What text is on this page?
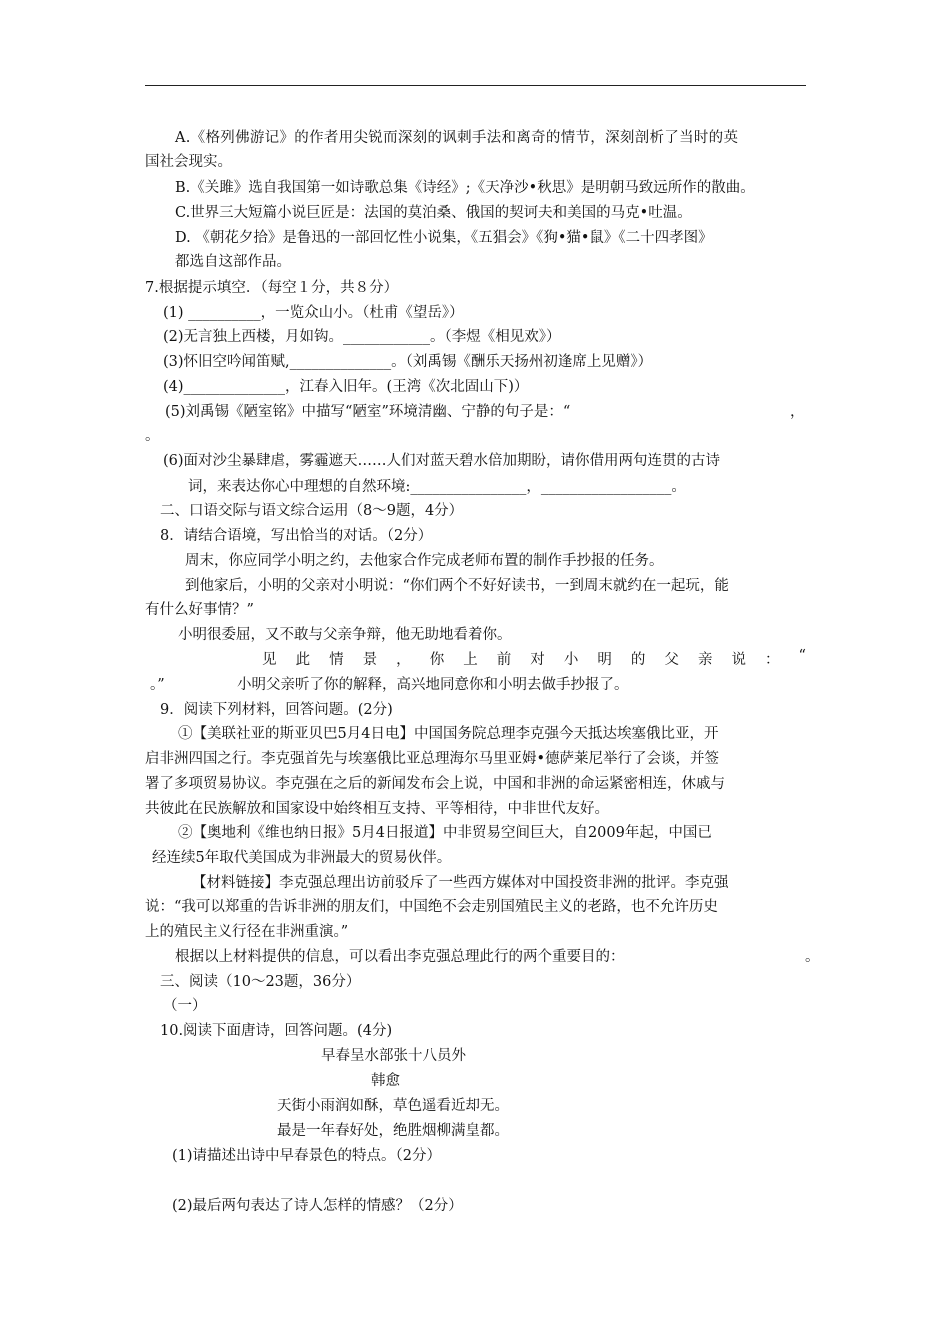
A.《格列佛游记》的作者用尖锐而深刻的讽刺手法和离奇的情节，深刻剖析了当时的英
国社会现实。
B.《关雎》选自我国第一如诗歌总集《诗经》;《天净沙•秋思》是明朝马致远所作的散曲。
C.世界三大短篇小说巨匠是：法国的莫泊桑、俄国的契诃夫和美国的马克•吐温。
D. 《朝花夕拾》是鲁迅的一部回忆性小说集，《五猖会》《狗•猫•鼠》《二十四孝图》
都选自这部作品。
7.根据提示填空．（每空１分，共８分）
(1) __________，一览众山小。（杜甫《望岳》）
(2)无言独上西楼，月如钩。____________。（李煜《相见欢》）
(3)怀旧空吟闻笛赋,______________。（刘禹锡《酬乐天扬州初逢席上见赠》）
(4)______________，江春入旧年。(王湾《次北固山下)）
(5)刘禹锡《陋室铭》中描写“陋室”环境清幽、宁静的句子是：“	，
。
(6)面对沙尘暴肆虐，雾霾遮天……人们对蓝天碧水倍加期盼，请你借用两句连贯的古诗
词，来表达你心中理想的自然环境:________________，__________________。
二、口语交际与语文综合运用（8～9题，4分）
8．请结合语境，写出恰当的对话。（2分）
周末，你应同学小明之约，去他家合作完成老师布置的制作手抄报的任务。
到他家后，小明的父亲对小明说：“你们两个不好好读书，一到周末就约在一起玩，能
有什么好事情？”
小明很委屈，又不敢与父亲争辩，他无助地看着你。
见 此 情 景 ， 你 上 前 对 小 明 的 父 亲 说 ： “
。”	小明父亲听了你的解释，高兴地同意你和小明去做手抄报了。
9．阅读下列材料，回答问题。(2分)
①【美联社亚的斯亚贝巴5月4日电】中国国务院总理李克强今天抵达埃塞俄比亚，开
启非洲四国之行。李克强首先与埃塞俄比亚总理海尔马里亚姆•德萨莱尼举行了会谈，并签
署了多项贸易协议。李克强在之后的新闻发布会上说，中国和非洲的命运紧密相连，休戚与
共彼此在民族解放和国家设中始终相互支持、平等相待，中非世代友好。
②【奥地利《维也纳日报》5月4日报道】中非贸易空间巨大，自2009年起，中国已
经连续5年取代美国成为非洲最大的贸易伙伴。
【材料链接】李克强总理出访前驳斥了一些西方媒体对中国投资非洲的批评。李克强
说：“我可以郑重的告诉非洲的朋友们，中国绝不会走别国殖民主义的老路，也不允许历史
上的殖民主义行径在非洲重演。”
根据以上材料提供的信息，可以看出李克强总理此行的两个重要目的：	。
三、阅读（10～23题，36分）
（一）
10.阅读下面唐诗，回答问题。(4分)
早春呈水部张十八员外
韩愈
天街小雨润如酥，草色遥看近却无。
最是一年春好处，绝胜烟柳满皇都。
(1)请描述出诗中早春景色的特点。（2分）
(2)最后两句表达了诗人怎样的情感？（2分）
